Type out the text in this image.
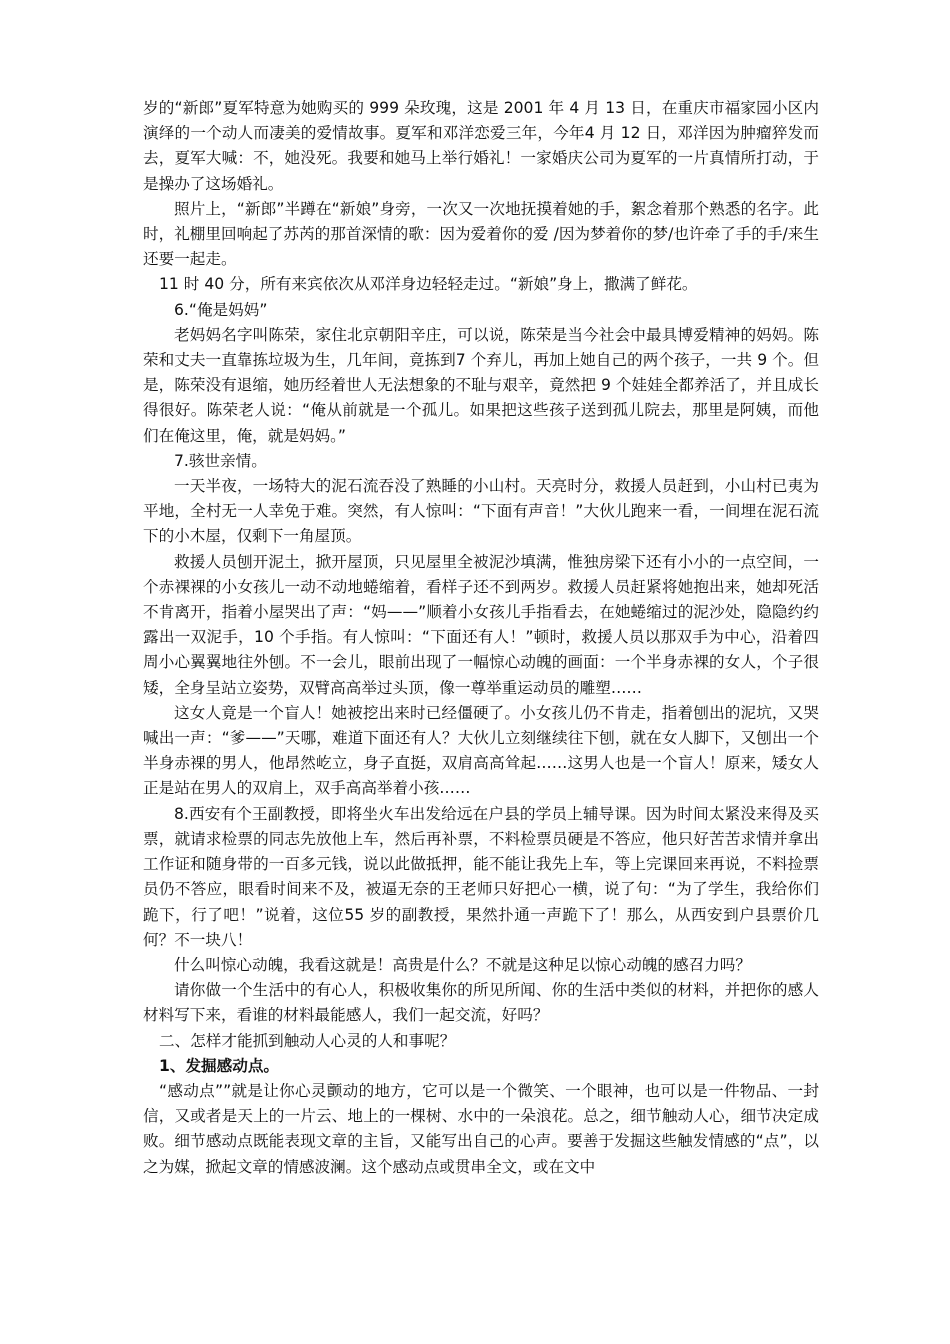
岁的“新郎”夏军特意为她购买的 999 朵玫瑰，这是 2001 年 4 月 13 日，在重庆市福家园小区内演绎的一个动人而凄美的爱情故事。夏军和邓洋恋爱三年，今年4 月 12 日，邓洋因为肿瘤猝发而去，夏军大喊：不，她没死。我要和她马上举行婚礼！一家婚庆公司为夏军的一片真情所打动，于是操办了这场婚礼。

照片上，“新郎”半蹲在“新娘”身旁，一次又一次地抚摸着她的手，絮念着那个熟悉的名字。此时，礼棚里回响起了苏芮的那首深情的歌：因为爱着你的爱 /因为梦着你的梦/也许牵了手的手/来生还要一起走。

11 时 40 分，所有来宾依次从邓洋身边轻轻走过。“新娘”身上，撒满了鲜花。

6.“俺是妈妈”

老妈妈名字叫陈荣，家住北京朝阳辛庄，可以说，陈荣是当今社会中最具博爱精神的妈妈。陈荣和丈夫一直靠拣垃圾为生，几年间，竟拣到7 个弃儿，再加上她自己的两个孩子，一共 9 个。但是，陈荣没有退缩，她历经着世人无法想象的不耻与艰辛，竟然把 9 个娃娃全都养活了，并且成长得很好。陈荣老人说：“俺从前就是一个孤儿。如果把这些孩子送到孤儿院去，那里是阿姨，而他们在俺这里，俺，就是妈妈。”

7.骇世亲情。

一天半夜，一场特大的泥石流吞没了熟睡的小山村。天亮时分，救援人员赶到，小山村已夷为平地，全村无一人幸免于难。突然，有人惊叫：“下面有声音！”大伙儿跑来一看，一间埋在泥石流下的小木屋，仅剩下一角屋顶。

救援人员刨开泥土，掀开屋顶，只见屋里全被泥沙填满，惟独房梁下还有小小的一点空间，一个赤裸裸的小女孩儿一动不动地蜷缩着，看样子还不到两岁。救援人员赶紧将她抱出来，她却死活不肯离开，指着小屋哭出了声：“妈——”顺着小女孩儿手指看去，在她蜷缩过的泥沙处，隐隐约约露出一双泥手，10 个手指。有人惊叫：“下面还有人！”顿时，救援人员以那双手为中心，沿着四周小心翼翼地往外刨。不一会儿，眼前出现了一幅惊心动魄的画面：一个半身赤裸的女人，个子很矮，全身呈站立姿势，双臂高高举过头顶，像一尊举重运动员的雕塑……

这女人竟是一个盲人！她被挖出来时已经僵硬了。小女孩儿仍不肯走，指着刨出的泥坑，又哭喊出一声：“爹——”天哪，难道下面还有人？大伙儿立刻继续往下刨，就在女人脚下，又刨出一个半身赤裸的男人，他昂然屹立，身子直挺，双肩高高耸起……这男人也是一个盲人！原来，矮女人正是站在男人的双肩上，双手高高举着小孩……

8.西安有个王副教授，即将坐火车出发给远在户县的学员上辅导课。因为时间太紧没来得及买票，就请求检票的同志先放他上车，然后再补票，不料检票员硬是不答应，他只好苦苦求情并拿出工作证和随身带的一百多元钱，说以此做抵押，能不能让我先上车，等上完课回来再说，不料捡票员仍不答应，眼看时间来不及，被逼无奈的王老师只好把心一横，说了句：“为了学生，我给你们跪下，行了吧！”说着，这位55 岁的副教授，果然扑通一声跪下了！那么，从西安到户县票价几何？不一块八！

什么叫惊心动魄，我看这就是！高贵是什么？不就是这种足以惊心动魄的感召力吗？

请你做一个生活中的有心人，积极收集你的所见所闻、你的生活中类似的材料，并把你的感人材料写下来，看谁的材料最能感人，我们一起交流，好吗？

二、怎样才能抓到触动人心灵的人和事呢？

1、发掘感动点。

“感动点””就是让你心灵颤动的地方，它可以是一个微笑、一个眼神，也可以是一件物品、一封信，又或者是天上的一片云、地上的一棵树、水中的一朵浪花。总之，细节触动人心，细节决定成败。细节感动点既能表现文章的主旨，又能写出自己的心声。要善于发掘这些触发情感的“点”，以之为媒，掀起文章的情感波澜。这个感动点或贯串全文，或在文中
